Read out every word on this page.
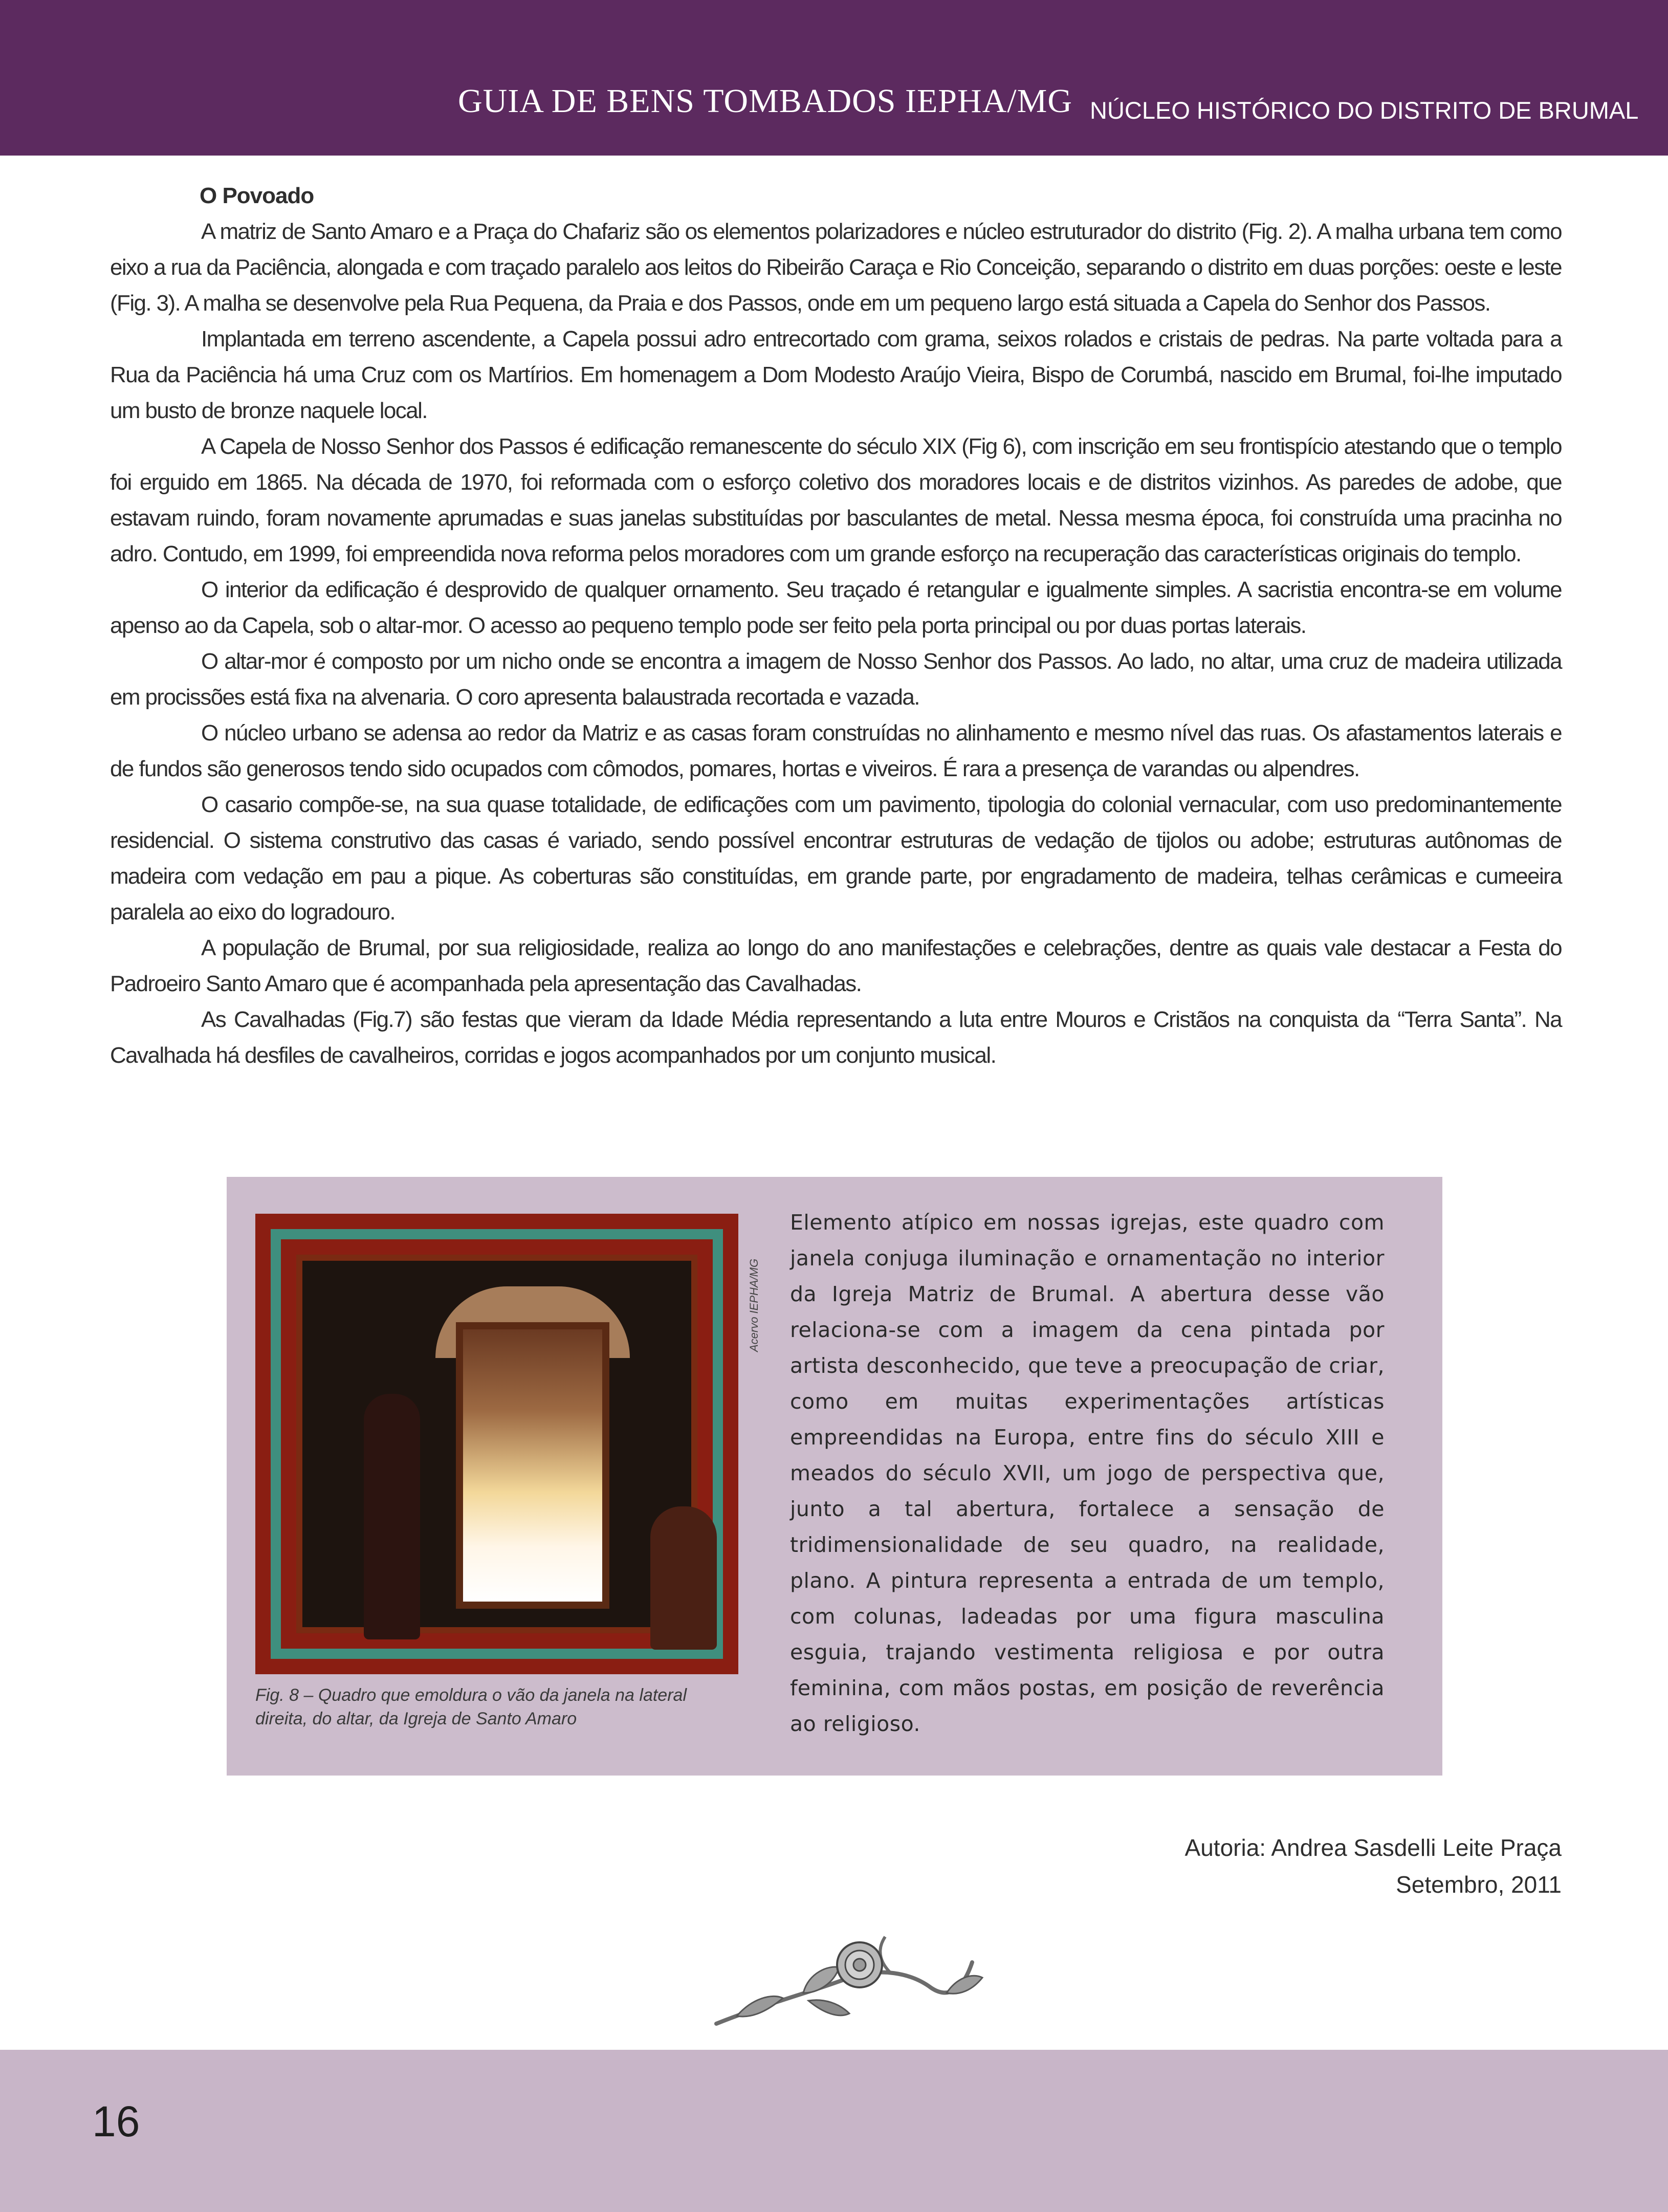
GUIA DE BENS TOMBADOS IEPHA/MG NÚCLEO HISTÓRICO DO DISTRITO DE BRUMAL
O Povoado

A matriz de Santo Amaro e a Praça do Chafariz são os elementos polarizadores e núcleo estruturador do distrito (Fig. 2). A malha urbana tem como eixo a rua da Paciência, alongada e com traçado paralelo aos leitos do Ribeirão Caraça e Rio Conceição, separando o distrito em duas porções: oeste e leste (Fig. 3). A malha se desenvolve pela Rua Pequena, da Praia e dos Passos, onde em um pequeno largo está situada a Capela do Senhor dos Passos.

Implantada em terreno ascendente, a Capela possui adro entrecortado com grama, seixos rolados e cristais de pedras. Na parte voltada para a Rua da Paciência há uma Cruz com os Martírios. Em homenagem a Dom Modesto Araújo Vieira, Bispo de Corumbá, nascido em Brumal, foi-lhe imputado um busto de bronze naquele local.

A Capela de Nosso Senhor dos Passos é edificação remanescente do século XIX (Fig 6), com inscrição em seu frontispício atestando que o templo foi erguido em 1865. Na década de 1970, foi reformada com o esforço coletivo dos moradores locais e de distritos vizinhos. As paredes de adobe, que estavam ruindo, foram novamente aprumadas e suas janelas substituídas por basculantes de metal. Nessa mesma época, foi construída uma pracinha no adro. Contudo, em 1999, foi empreendida nova reforma pelos moradores com um grande esforço na recuperação das características originais do templo.

O interior da edificação é desprovido de qualquer ornamento. Seu traçado é retangular e igualmente simples. A sacristia encontra-se em volume apenso ao da Capela, sob o altar-mor. O acesso ao pequeno templo pode ser feito pela porta principal ou por duas portas laterais.

O altar-mor é composto por um nicho onde se encontra a imagem de Nosso Senhor dos Passos. Ao lado, no altar, uma cruz de madeira utilizada em procissões está fixa na alvenaria. O coro apresenta balaustrada recortada e vazada.

O núcleo urbano se adensa ao redor da Matriz e as casas foram construídas no alinhamento e mesmo nível das ruas. Os afastamentos laterais e de fundos são generosos tendo sido ocupados com cômodos, pomares, hortas e viveiros. É rara a presença de varandas ou alpendres.

O casario compõe-se, na sua quase totalidade, de edificações com um pavimento, tipologia do colonial vernacular, com uso predominantemente residencial. O sistema construtivo das casas é variado, sendo possível encontrar estruturas de vedação de tijolos ou adobe; estruturas autônomas de madeira com vedação em pau a pique. As coberturas são constituídas, em grande parte, por engradamento de madeira, telhas cerâmicas e cumeeira paralela ao eixo do logradouro.

A população de Brumal, por sua religiosidade, realiza ao longo do ano manifestações e celebrações, dentre as quais vale destacar a Festa do Padroeiro Santo Amaro que é acompanhada pela apresentação das Cavalhadas.

As Cavalhadas (Fig.7) são festas que vieram da Idade Média representando a luta entre Mouros e Cristãos na conquista da “Terra Santa”. Na Cavalhada há desfiles de cavalheiros, corridas e jogos acompanhados por um conjunto musical.

Acervo IEPHA/MG
Fig. 8 – Quadro que emoldura o vão da janela na lateral direita, do altar, da Igreja de Santo Amaro
Elemento atípico em nossas igrejas, este quadro com janela conjuga iluminação e ornamentação no interior da Igreja Matriz de Brumal. A abertura desse vão relaciona-se com a imagem da cena pintada por artista desconhecido, que teve a preocupação de criar, como em muitas experimentações artísticas empreendidas na Europa, entre fins do século XIII e meados do século XVII, um jogo de perspectiva que, junto a tal abertura, fortalece a sensação de tridimensionalidade de seu quadro, na realidade, plano. A pintura representa a entrada de um templo, com colunas, ladeadas por uma figura masculina esguia, trajando vestimenta religiosa e por outra feminina, com mãos postas, em posição de reverência ao religioso.
Autoria: Andrea Sasdelli Leite Praça
Setembro, 2011
16
